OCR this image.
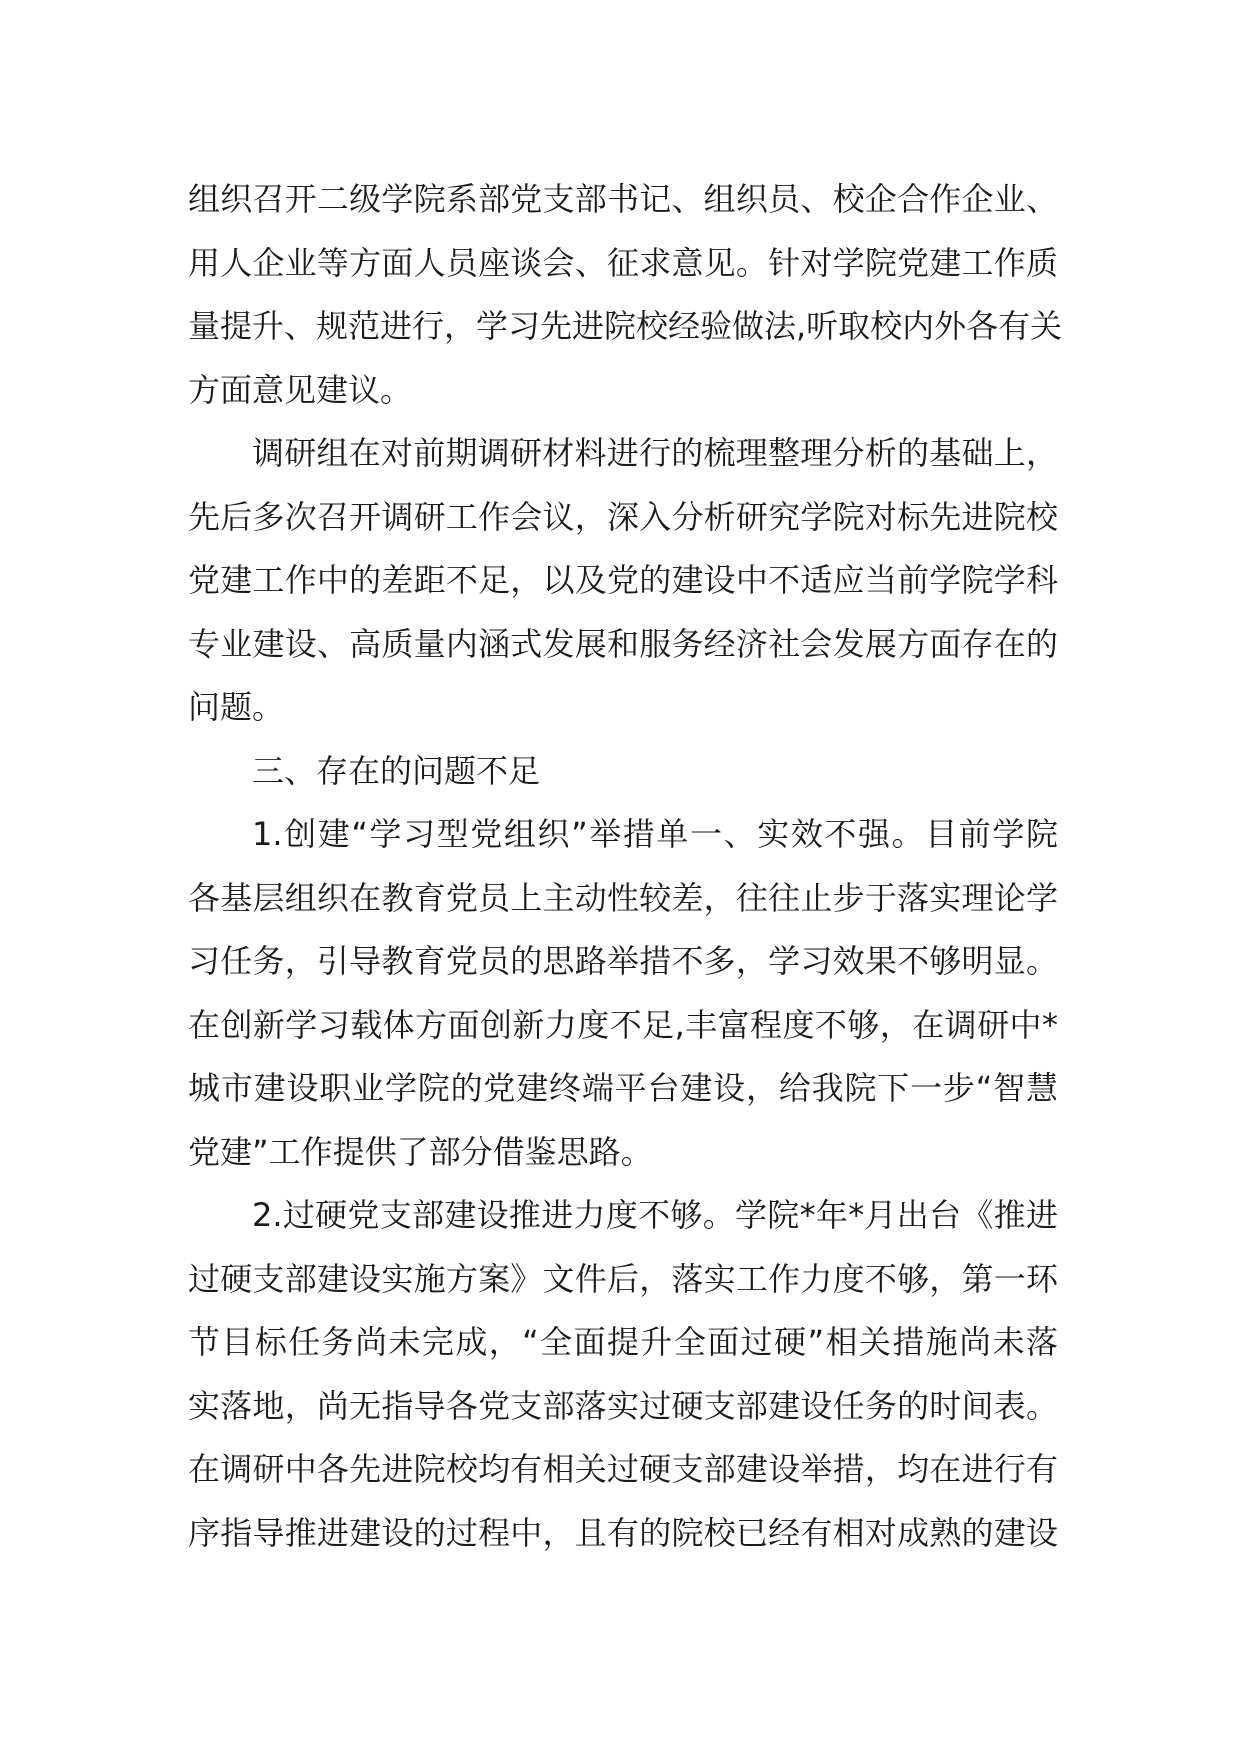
组织召开二级学院系部党支部书记、组织员、校企合作企业、
用人企业等方面人员座谈会、征求意见。针对学院党建工作质
量提升、规范进行，学习先进院校经验做法,听取校内外各有关
方面意见建议。
调研组在对前期调研材料进行的梳理整理分析的基础上，
先后多次召开调研工作会议，深入分析研究学院对标先进院校
党建工作中的差距不足，以及党的建设中不适应当前学院学科
专业建设、高质量内涵式发展和服务经济社会发展方面存在的
问题。
三、存在的问题不足
1.创建“学习型党组织”举措单一、实效不强。目前学院
各基层组织在教育党员上主动性较差，往往止步于落实理论学
习任务，引导教育党员的思路举措不多，学习效果不够明显。
在创新学习载体方面创新力度不足,丰富程度不够，在调研中*
城市建设职业学院的党建终端平台建设，给我院下一步“智慧
党建”工作提供了部分借鉴思路。
2.过硬党支部建设推进力度不够。学院*年*月出台《推进
过硬支部建设实施方案》文件后，落实工作力度不够，第一环
节目标任务尚未完成，“全面提升全面过硬”相关措施尚未落
实落地，尚无指导各党支部落实过硬支部建设任务的时间表。
在调研中各先进院校均有相关过硬支部建设举措，均在进行有
序指导推进建设的过程中，且有的院校已经有相对成熟的建设
